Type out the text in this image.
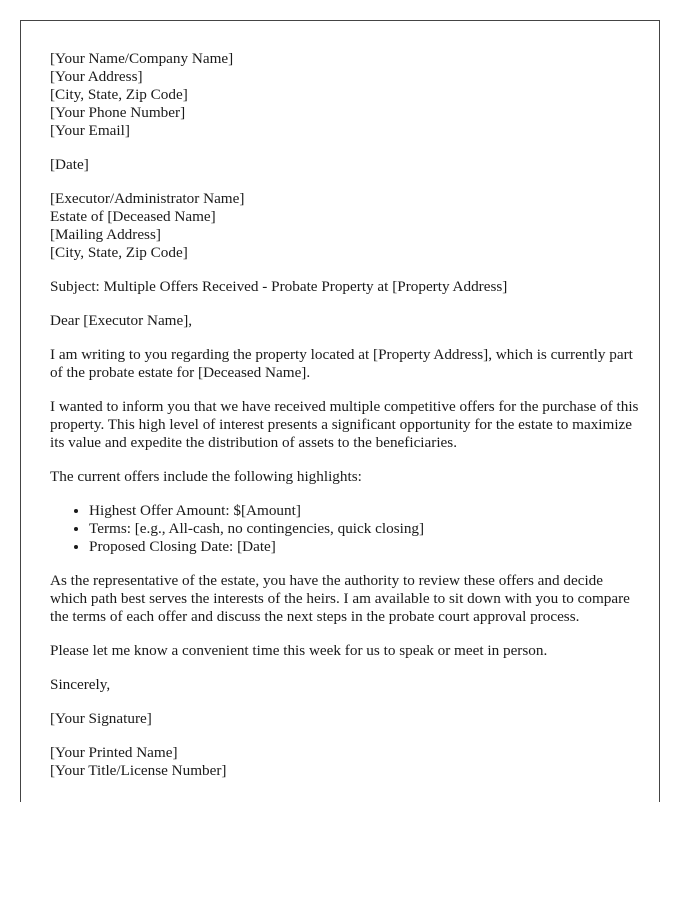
[Your Name/Company Name]
[Your Address]
[City, State, Zip Code]
[Your Phone Number]
[Your Email]
[Date]
[Executor/Administrator Name]
Estate of [Deceased Name]
[Mailing Address]
[City, State, Zip Code]

Subject: Multiple Offers Received - Probate Property at [Property Address]

Dear [Executor Name],

I am writing to you regarding the property located at [Property Address], which is currently part of the probate estate for [Deceased Name].

I wanted to inform you that we have received multiple competitive offers for the purchase of this property. This high level of interest presents a significant opportunity for the estate to maximize its value and expedite the distribution of assets to the beneficiaries.

The current offers include the following highlights:

• Highest Offer Amount: $[Amount]
• Terms: [e.g., All-cash, no contingencies, quick closing]
• Proposed Closing Date: [Date]

As the representative of the estate, you have the authority to review these offers and decide which path best serves the interests of the heirs. I am available to sit down with you to compare the terms of each offer and discuss the next steps in the probate court approval process.

Please let me know a convenient time this week for us to speak or meet in person.

Sincerely,

[Your Signature]

[Your Printed Name]
[Your Title/License Number]
